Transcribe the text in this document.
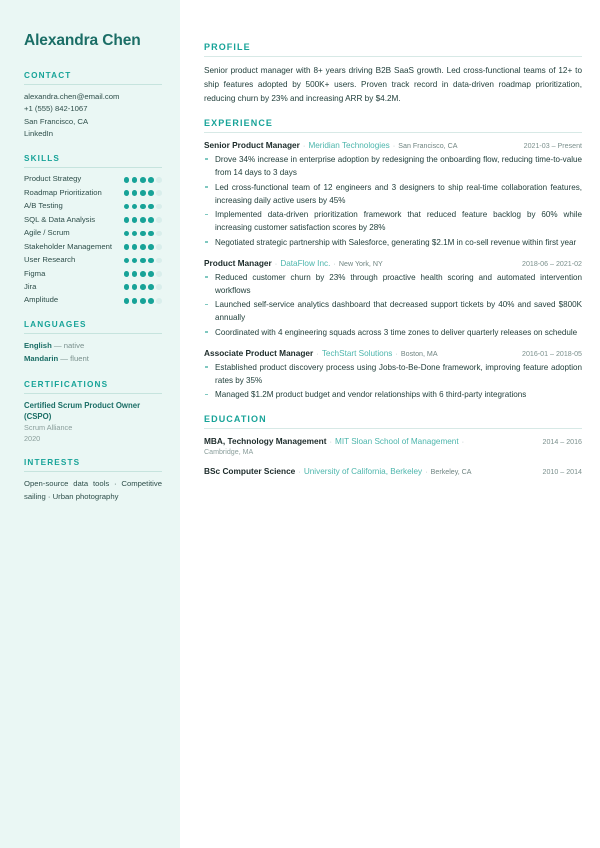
Alexandra Chen
CONTACT
alexandra.chen@email.com
+1 (555) 842-1067
San Francisco, CA
LinkedIn
SKILLS
Product Strategy
Roadmap Prioritization
A/B Testing
SQL & Data Analysis
Agile / Scrum
Stakeholder Management
User Research
Figma
Jira
Amplitude
LANGUAGES
English — native
Mandarin — fluent
CERTIFICATIONS
Certified Scrum Product Owner (CSPO)
Scrum Alliance
2020
INTERESTS
Open-source data tools · Competitive sailing · Urban photography
PROFILE

Senior product manager with 8+ years driving B2B SaaS growth. Led cross-functional teams of 12+ to ship features adopted by 500K+ users. Proven track record in data-driven roadmap prioritization, reducing churn by 23% and increasing ARR by $4.2M.

EXPERIENCE
Senior Product Manager · Meridian Technologies · San Francisco, CA	2021-03 – Present
Drove 34% increase in enterprise adoption by redesigning the onboarding flow, reducing time-to-value from 14 days to 3 days
Led cross-functional team of 12 engineers and 3 designers to ship real-time collaboration features, increasing daily active users by 45%
Implemented data-driven prioritization framework that reduced feature backlog by 60% while increasing customer satisfaction scores by 28%
Negotiated strategic partnership with Salesforce, generating $2.1M in co-sell revenue within first year
Product Manager · DataFlow Inc. · New York, NY	2018-06 – 2021-02
Reduced customer churn by 23% through proactive health scoring and automated intervention workflows
Launched self-service analytics dashboard that decreased support tickets by 40% and saved $800K annually
Coordinated with 4 engineering squads across 3 time zones to deliver quarterly releases on schedule
Associate Product Manager · TechStart Solutions · Boston, MA	2016-01 – 2018-05
Established product discovery process using Jobs-to-Be-Done framework, improving feature adoption rates by 35%
Managed $1.2M product budget and vendor relationships with 6 third-party integrations
EDUCATION
MBA, Technology Management · MIT Sloan School of Management ·	2014 – 2016
Cambridge, MA
BSc Computer Science · University of California, Berkeley · Berkeley, CA	2010 – 2014
